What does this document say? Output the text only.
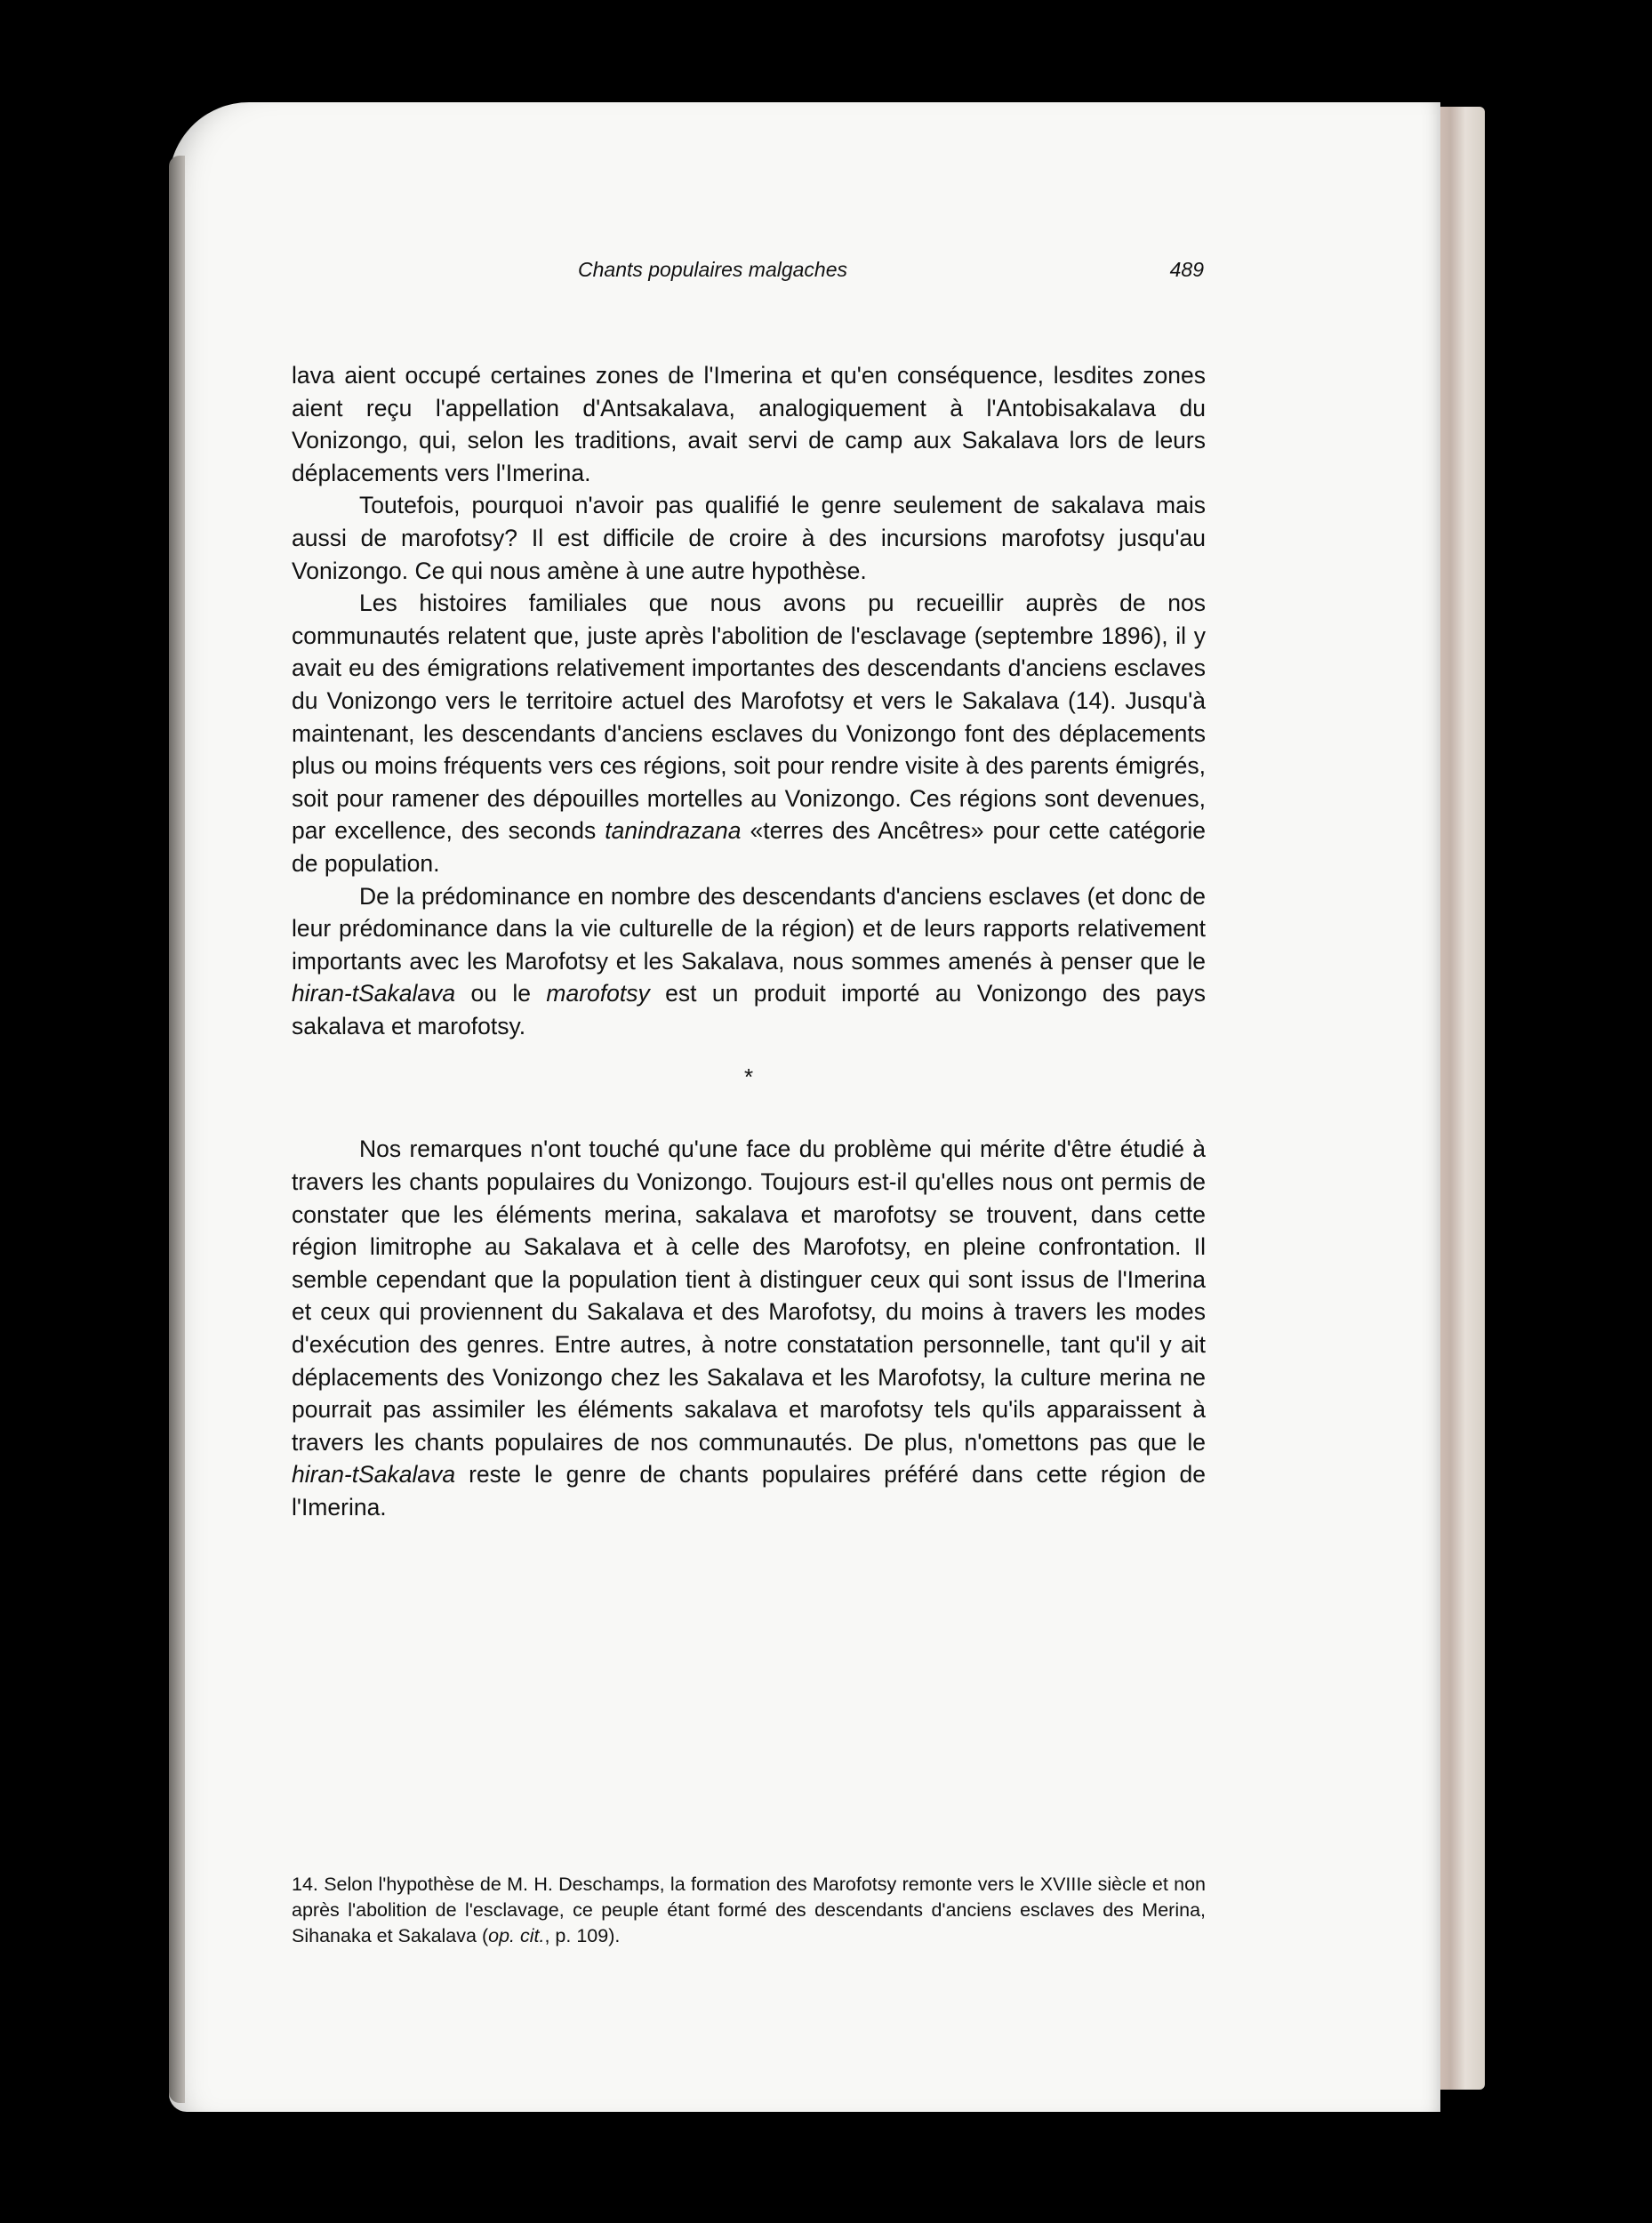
Chants populaires malgaches	489

lava aient occupé certaines zones de l'Imerina et qu'en conséquence, lesdites zones aient reçu l'appellation d'Antsakalava, analogiquement à l'Antobisakalava du Vonizongo, qui, selon les traditions, avait servi de camp aux Sakalava lors de leurs déplacements vers l'Imerina.

Toutefois, pourquoi n'avoir pas qualifié le genre seulement de sakalava mais aussi de marofotsy? Il est difficile de croire à des incursions marofotsy jusqu'au Vonizongo. Ce qui nous amène à une autre hypothèse.

Les histoires familiales que nous avons pu recueillir auprès de nos communautés relatent que, juste après l'abolition de l'esclavage (septembre 1896), il y avait eu des émigrations relativement importantes des descendants d'anciens esclaves du Vonizongo vers le territoire actuel des Marofotsy et vers le Sakalava (14). Jusqu'à maintenant, les descendants d'anciens esclaves du Vonizongo font des déplacements plus ou moins fréquents vers ces régions, soit pour rendre visite à des parents émigrés, soit pour ramener des dépouilles mortelles au Vonizongo. Ces régions sont devenues, par excellence, des seconds tanindrazana «terres des Ancêtres» pour cette catégorie de population.

De la prédominance en nombre des descendants d'anciens esclaves (et donc de leur prédominance dans la vie culturelle de la région) et de leurs rapports relativement importants avec les Marofotsy et les Sakalava, nous sommes amenés à penser que le hiran-tSakalava ou le marofotsy est un produit importé au Vonizongo des pays sakalava et marofotsy.

*

Nos remarques n'ont touché qu'une face du problème qui mérite d'être étudié à travers les chants populaires du Vonizongo. Toujours est-il qu'elles nous ont permis de constater que les éléments merina, sakalava et marofotsy se trouvent, dans cette région limitrophe au Sakalava et à celle des Marofotsy, en pleine confrontation. Il semble cependant que la population tient à distinguer ceux qui sont issus de l'Imerina et ceux qui proviennent du Sakalava et des Marofotsy, du moins à travers les modes d'exécution des genres. Entre autres, à notre constatation personnelle, tant qu'il y ait déplacements des Vonizongo chez les Sakalava et les Marofotsy, la culture merina ne pourrait pas assimiler les éléments sakalava et marofotsy tels qu'ils apparaissent à travers les chants populaires de nos communautés. De plus, n'omettons pas que le hiran-tSakalava reste le genre de chants populaires préféré dans cette région de l'Imerina.

14. Selon l'hypothèse de M. H. Deschamps, la formation des Marofotsy remonte vers le XVIIIe siècle et non après l'abolition de l'esclavage, ce peuple étant formé des descendants d'anciens esclaves des Merina, Sihanaka et Sakalava (op. cit., p. 109).
